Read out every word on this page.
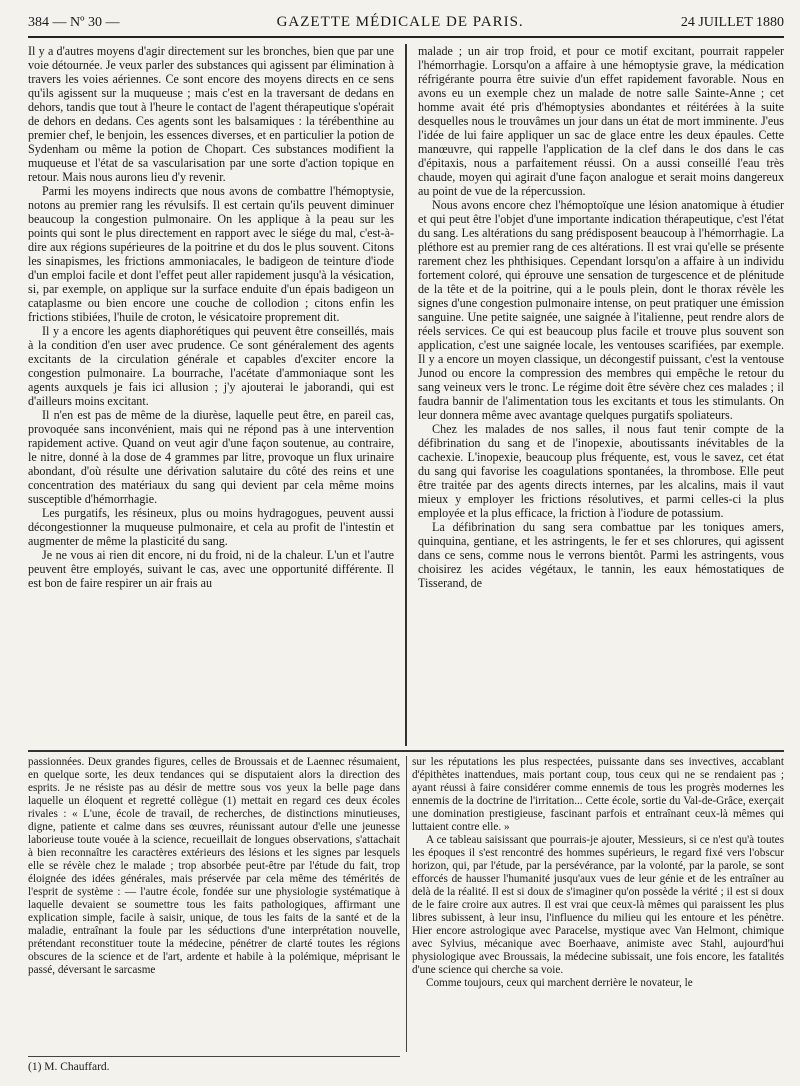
384 — Nº 30 —	GAZETTE MÉDICALE DE PARIS.	24 JUILLET 1880

Il y a d'autres moyens d'agir directement sur les bronches, bien que par une voie détournée. Je veux parler des substances qui agissent par élimination à travers les voies aériennes. Ce sont encore des moyens directs en ce sens qu'ils agissent sur la muqueuse ; mais c'est en la traversant de dedans en dehors, tandis que tout à l'heure le contact de l'agent thérapeutique s'opérait de dehors en dedans. Ces agents sont les balsamiques : la térébenthine au premier chef, le benjoin, les essences diverses, et en particulier la potion de Sydenham ou même la potion de Chopart. Ces substances modifient la muqueuse et l'état de sa vascularisation par une sorte d'action topique en retour. Mais nous aurons lieu d'y revenir.

Parmi les moyens indirects que nous avons de combattre l'hémoptysie, notons au premier rang les révulsifs. Il est certain qu'ils peuvent diminuer beaucoup la congestion pulmonaire. On les applique à la peau sur les points qui sont le plus directement en rapport avec le siége du mal, c'est-à-dire aux régions supérieures de la poitrine et du dos le plus souvent. Citons les sinapismes, les frictions ammoniacales, le badigeon de teinture d'iode d'un emploi facile et dont l'effet peut aller rapidement jusqu'à la vésication, si, par exemple, on applique sur la surface enduite d'un épais badigeon un cataplasme ou bien encore une couche de collodion ; citons enfin les frictions stibiées, l'huile de croton, le vésicatoire proprement dit.

Il y a encore les agents diaphorétiques qui peuvent être conseillés, mais à la condition d'en user avec prudence. Ce sont généralement des agents excitants de la circulation générale et capables d'exciter encore la congestion pulmonaire. La bourrache, l'acétate d'ammoniaque sont les agents auxquels je fais ici allusion ; j'y ajouterai le jaborandi, qui est d'ailleurs moins excitant.

Il n'en est pas de même de la diurèse, laquelle peut être, en pareil cas, provoquée sans inconvénient, mais qui ne répond pas à une intervention rapidement active. Quand on veut agir d'une façon soutenue, au contraire, le nitre, donné à la dose de 4 grammes par litre, provoque un flux urinaire abondant, d'où résulte une dérivation salutaire du côté des reins et une concentration des matériaux du sang qui devient par cela même moins susceptible d'hémorrhagie.

Les purgatifs, les résineux, plus ou moins hydragogues, peuvent aussi décongestionner la muqueuse pulmonaire, et cela au profit de l'intestin et augmenter de même la plasticité du sang.

Je ne vous ai rien dit encore, ni du froid, ni de la chaleur. L'un et l'autre peuvent être employés, suivant le cas, avec une opportunité différente. Il est bon de faire respirer un air frais au

malade ; un air trop froid, et pour ce motif excitant, pourrait rappeler l'hémorrhagie. Lorsqu'on a affaire à une hémoptysie grave, la médication réfrigérante pourra être suivie d'un effet rapidement favorable. Nous en avons eu un exemple chez un malade de notre salle Sainte-Anne ; cet homme avait été pris d'hémoptysies abondantes et réitérées à la suite desquelles nous le trouvâmes un jour dans un état de mort imminente. J'eus l'idée de lui faire appliquer un sac de glace entre les deux épaules. Cette manœuvre, qui rappelle l'application de la clef dans le dos dans le cas d'épitaxis, nous a parfaitement réussi. On a aussi conseillé l'eau très chaude, moyen qui agirait d'une façon analogue et serait moins dangereux au point de vue de la répercussion.

Nous avons encore chez l'hémoptoïque une lésion anatomique à étudier et qui peut être l'objet d'une importante indication thérapeutique, c'est l'état du sang. Les altérations du sang prédisposent beaucoup à l'hémorrhagie. La pléthore est au premier rang de ces altérations. Il est vrai qu'elle se présente rarement chez les phthisiques. Cependant lorsqu'on a affaire à un individu fortement coloré, qui éprouve une sensation de turgescence et de plénitude de la tête et de la poitrine, qui a le pouls plein, dont le thorax révèle les signes d'une congestion pulmonaire intense, on peut pratiquer une émission sanguine. Une petite saignée, une saignée à l'italienne, peut rendre alors de réels services. Ce qui est beaucoup plus facile et trouve plus souvent son application, c'est une saignée locale, les ventouses scarifiées, par exemple. Il y a encore un moyen classique, un décongestif puissant, c'est la ventouse Junod ou encore la compression des membres qui empêche le retour du sang veineux vers le tronc. Le régime doit être sévère chez ces malades ; il faudra bannir de l'alimentation tous les excitants et tous les stimulants. On leur donnera même avec avantage quelques purgatifs spoliateurs.

Chez les malades de nos salles, il nous faut tenir compte de la défibrination du sang et de l'inopexie, aboutissants inévitables de la cachexie. L'inopexie, beaucoup plus fréquente, est, vous le savez, cet état du sang qui favorise les coagulations spontanées, la thrombose. Elle peut être traitée par des agents directs internes, par les alcalins, mais il vaut mieux y employer les frictions résolutives, et parmi celles-ci la plus employée et la plus efficace, la friction à l'iodure de potassium.

La défibrination du sang sera combattue par les toniques amers, quinquina, gentiane, et les astringents, le fer et ses chlorures, qui agissent dans ce sens, comme nous le verrons bientôt. Parmi les astringents, vous choisirez les acides végétaux, le tannin, les eaux hémostatiques de Tisserand, de

passionnées. Deux grandes figures, celles de Broussais et de Laennec résumaient, en quelque sorte, les deux tendances qui se disputaient alors la direction des esprits. Je ne résiste pas au désir de mettre sous vos yeux la belle page dans laquelle un éloquent et regretté collègue (1) mettait en regard ces deux écoles rivales : « L'une, école de travail, de recherches, de distinctions minutieuses, digne, patiente et calme dans ses œuvres, réunissant autour d'elle une jeunesse laborieuse toute vouée à la science, recueillait de longues observations, s'attachait à bien reconnaître les caractères extérieurs des lésions et les signes par lesquels elle se révèle chez le malade ; trop absorbée peut-être par l'étude du fait, trop éloignée des idées générales, mais préservée par cela même des témérités de l'esprit de système : — l'autre école, fondée sur une physiologie systématique à laquelle devaient se soumettre tous les faits pathologiques, affirmant une explication simple, facile à saisir, unique, de tous les faits de la santé et de la maladie, entraînant la foule par les séductions d'une interprétation nouvelle, prétendant reconstituer toute la médecine, pénétrer de clarté toutes les régions obscures de la science et de l'art, ardente et habile à la polémique, méprisant le passé, déversant le sarcasme

sur les réputations les plus respectées, puissante dans ses invectives, accablant d'épithètes inattendues, mais portant coup, tous ceux qui ne se rendaient pas ; ayant réussi à faire considérer comme ennemis de tous les progrès modernes les ennemis de la doctrine de l'irritation... Cette école, sortie du Val-de-Grâce, exerçait une domination prestigieuse, fascinant parfois et entraînant ceux-là mêmes qui luttaient contre elle. »

A ce tableau saisissant que pourrais-je ajouter, Messieurs, si ce n'est qu'à toutes les époques il s'est rencontré des hommes supérieurs, le regard fixé vers l'obscur horizon, qui, par l'étude, par la persévérance, par la volonté, par la parole, se sont efforcés de hausser l'humanité jusqu'aux vues de leur génie et de les entraîner au delà de la réalité. Il est si doux de s'imaginer qu'on possède la vérité ; il est si doux de le faire croire aux autres. Il est vrai que ceux-là mêmes qui paraissent les plus libres subissent, à leur insu, l'influence du milieu qui les entoure et les pénètre. Hier encore astrologique avec Paracelse, mystique avec Van Helmont, chimique avec Sylvius, mécanique avec Boerhaave, animiste avec Stahl, aujourd'hui physiologique avec Broussais, la médecine subissait, une fois encore, les fatalités d'une science qui cherche sa voie.

Comme toujours, ceux qui marchent derrière le novateur, le

(1) M. Chauffard.
